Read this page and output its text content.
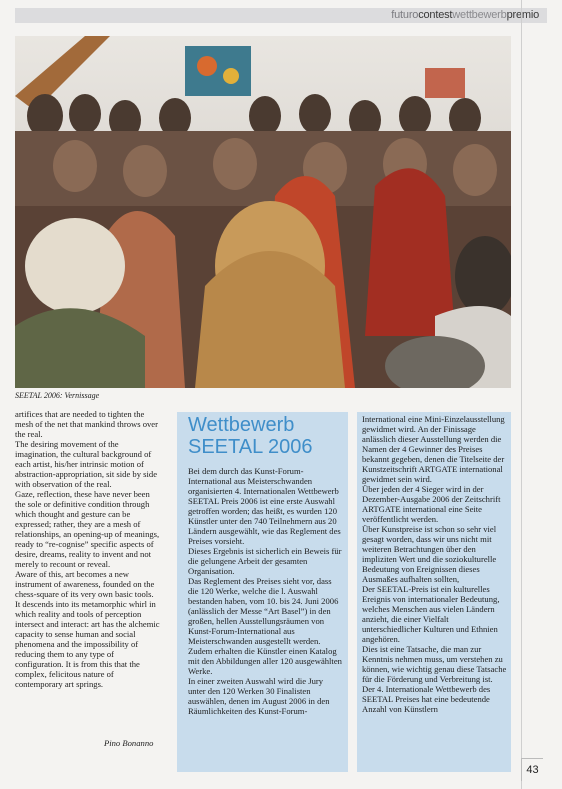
futurocontestwettbewerbpremio
SEETAL 2006: Vernissage

artifices that are needed to tighten the mesh of the net that mankind throws over the real.

The desiring movement of the imagination, the cultural background of each artist, his/her intrinsic motion of abstraction-appropriation, sit side by side with observation of the real.

Gaze, reflection, these have never been the sole or definitive condition through which thought and gesture can be expressed; rather, they are a mesh of relationships, an opening-up of meanings, ready to “re-cognise” specific aspects of desire, dreams, reality to invent and not merely to recount or reveal.

Aware of this, art becomes a new instrument of awareness, founded on the chess-square of its very own basic tools.

It descends into its metamorphic whirl in which reality and tools of perception intersect and interact: art has the alchemic capacity to sense human and social phenomena and the impossibility of reducing them to any type of configuration. It is from this that the complex, felicitous nature of contemporary art springs.

Pino Bonanno
Wettbewerb SEETAL 2006

Bei dem durch das Kunst-Forum-International aus Meisterschwanden organisierten 4. Internationalen Wettbewerb SEETAL Preis 2006 ist eine erste Auswahl getroffen worden; das heißt, es wurden 120 Künstler unter den 740 Teilnehmern aus 20 Ländern ausgewählt, wie das Reglement des Preises vorsieht.

Dieses Ergebnis ist sicherlich ein Beweis für die gelungene Arbeit der gesamten Organisation.

Das Reglement des Preises sieht vor, dass die 120 Werke, welche die l. Auswahl bestanden haben, vom 10. bis 24. Juni 2006 (anlässlich der Messe “Art Basel”) in den großen, hellen Ausstellungsräumen von Kunst-Forum-International aus Meisterschwanden ausgestellt werden. Zudem erhalten die Künstler einen Katalog mit den Abbildungen aller 120 ausgewählten Werke.

In einer zweiten Auswahl wird die Jury unter den 120 Werken 30 Finalisten auswählen, denen im August 2006 in den Räumlichkeiten des Kunst-Forum-

International eine Mini-Einzelausstellung gewidmet wird. An der Finissage anlässlich dieser Ausstellung werden die Namen der 4 Gewinner des Preises bekannt gegeben, denen die Titelseite der Kunstzeitschrift ARTGATE international gewidmet sein wird.

Über jeden der 4 Sieger wird in der Dezember-Ausgabe 2006 der Zeitschrift ARTGATE international eine Seite veröffentlicht werden.

Über Kunstpreise ist schon so sehr viel gesagt worden, dass wir uns nicht mit weiteren Betrachtungen über den impliziten Wert und die soziokulturelle Bedeutung von Ereignissen dieses Ausmaßes aufhalten sollten,

Der SEETAL-Preis ist ein kulturelles Ereignis von internationaler Bedeutung, welches Menschen aus vielen Ländern anzieht, die einer Vielfalt unterschiedlicher Kulturen und Ethnien angehören.

Dies ist eine Tatsache, die man zur Kenntnis nehmen muss, um verstehen zu können, wie wichtig genau diese Tatsache für die Förderung und Verbreitung ist.

Der 4. Internationale Wettbewerb des SEETAL Preises hat eine bedeutende Anzahl von Künstlern

43
